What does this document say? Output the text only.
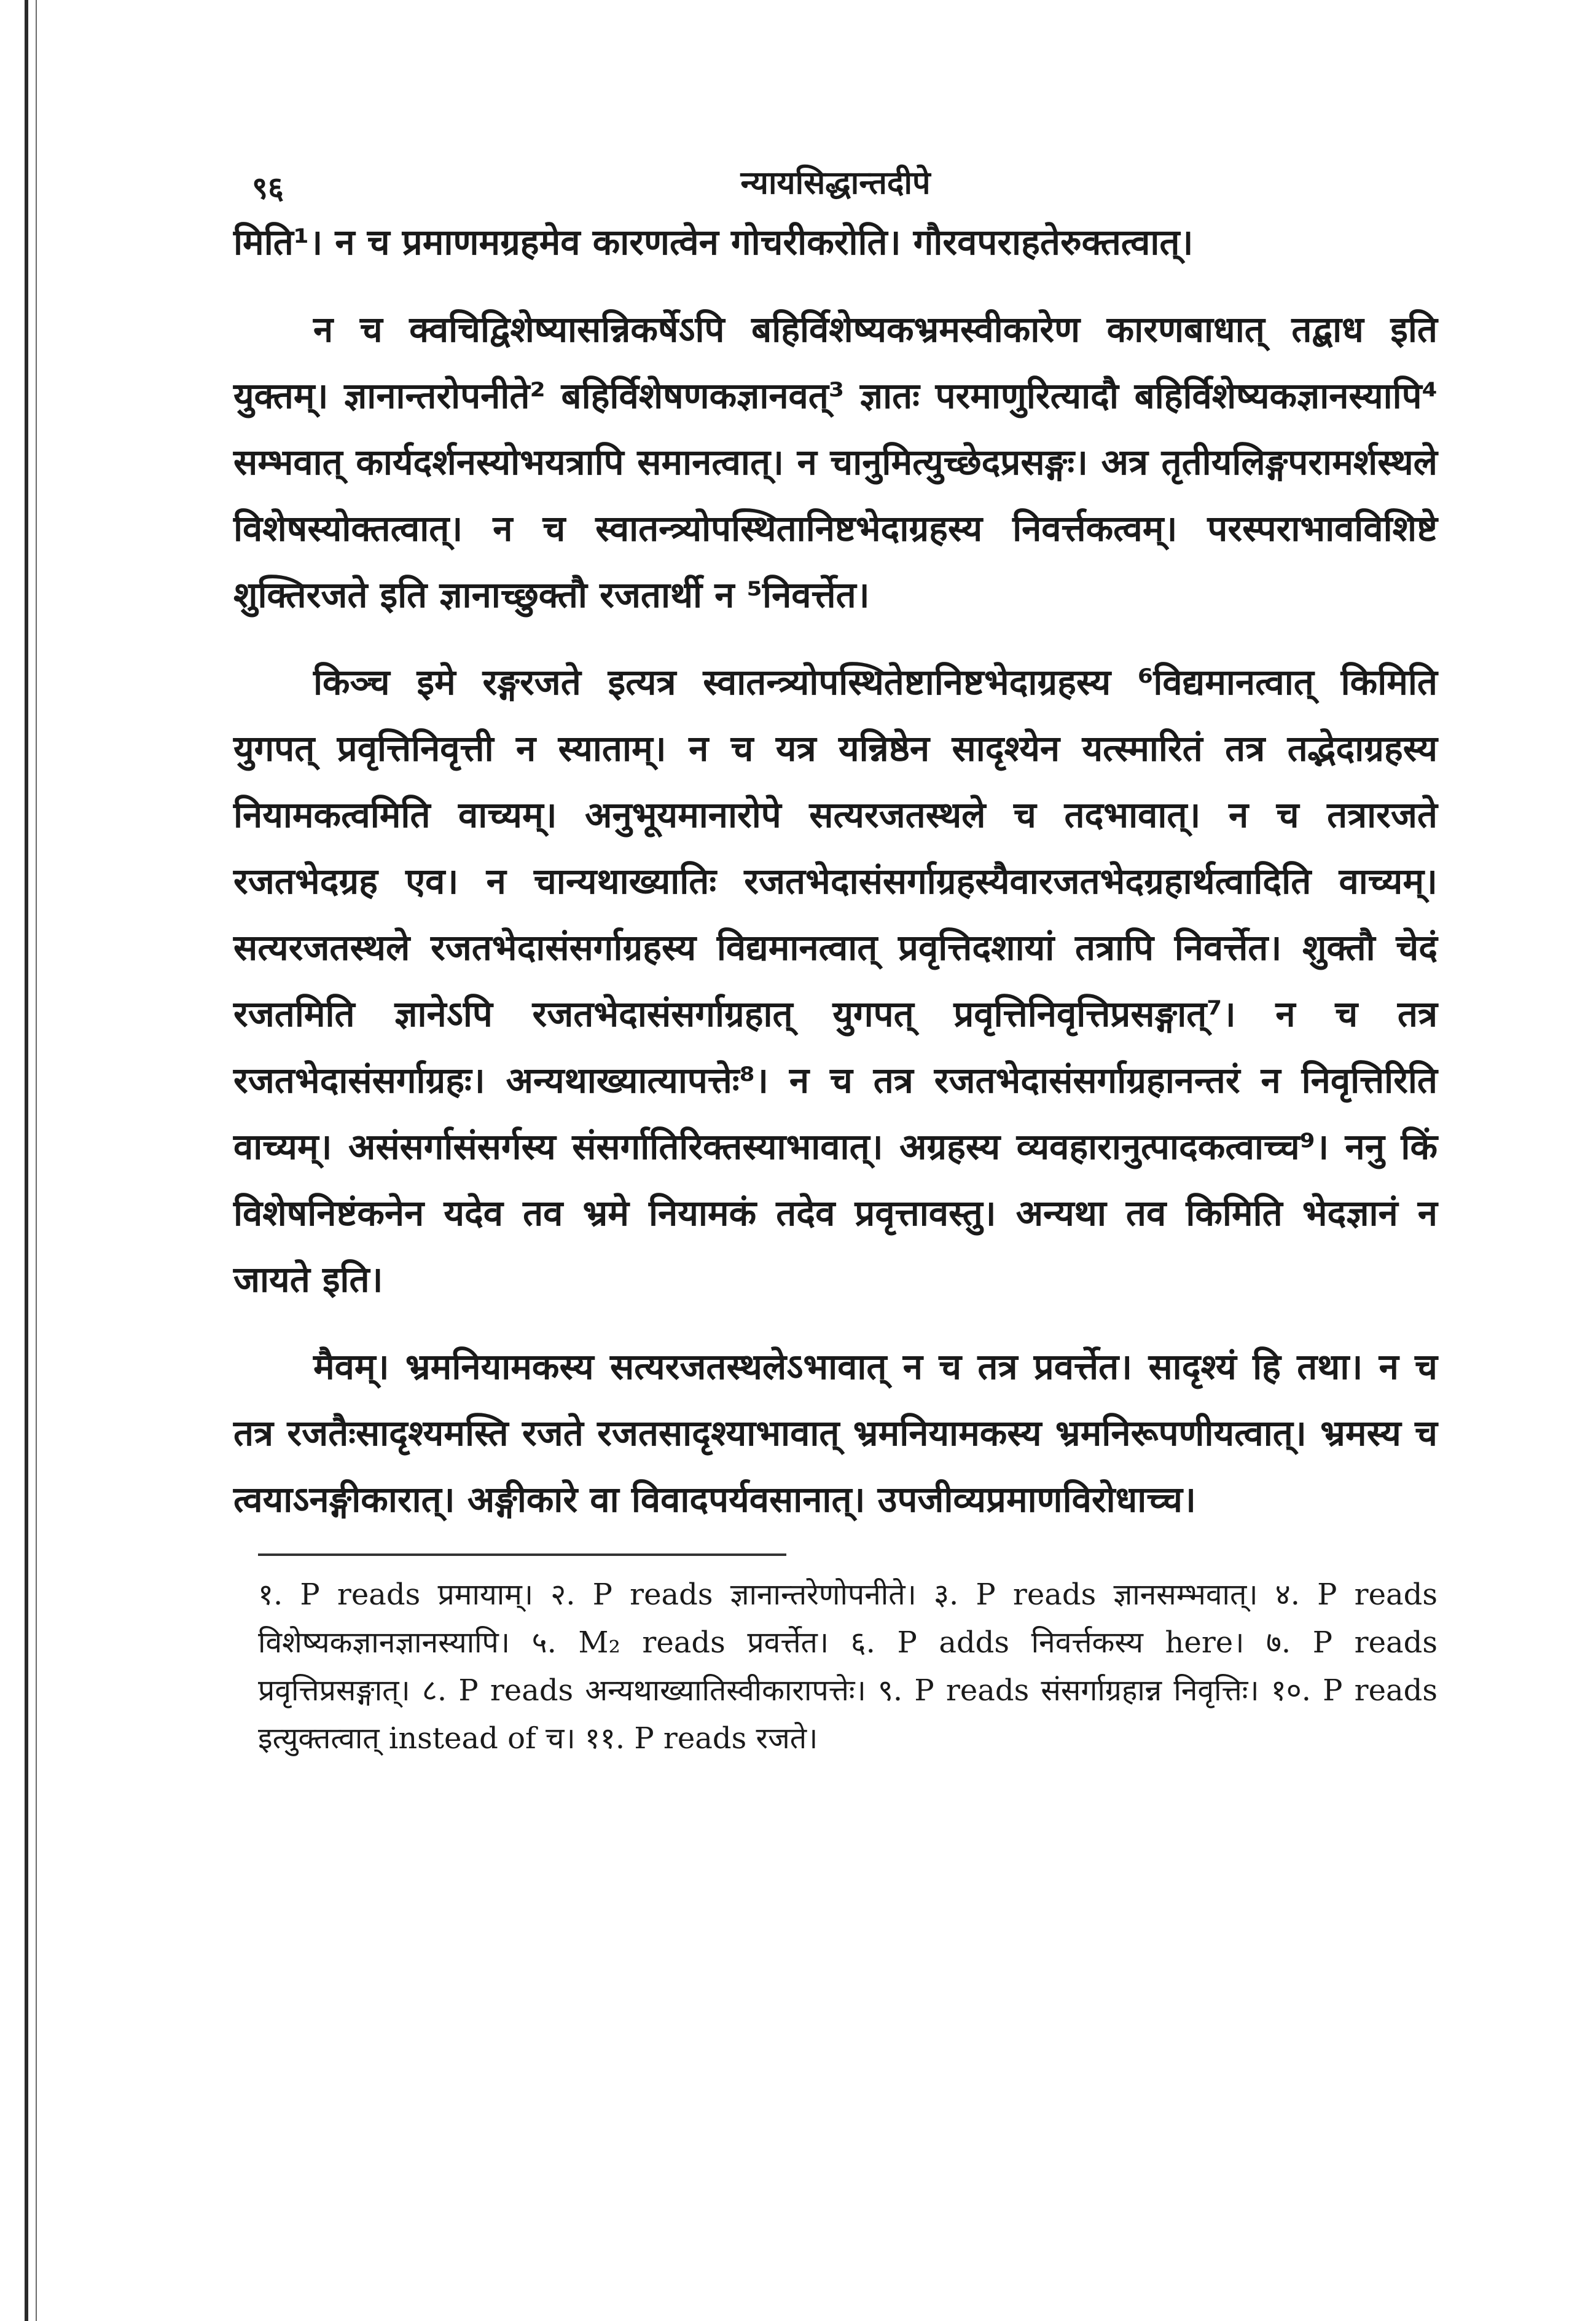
९६	न्यायसिद्धान्तदीपे

मिति¹। न च प्रमाणमग्रहमेव कारणत्वेन गोचरीकरोति। गौरवपराहतेरुक्तत्वात्।

न च क्वचिद्विशेष्यासन्निकर्षेऽपि बहिर्विशेष्यकभ्रमस्वीकारेण कारणबाधात् तद्बाध इति युक्तम्। ज्ञानान्तरोपनीते² बहिर्विशेषणकज्ञानवत्³ ज्ञातः परमाणुरित्यादौ बहिर्विशेष्यकज्ञानस्यापि⁴ सम्भवात् कार्यदर्शनस्योभयत्रापि समानत्वात्। न चानुमित्युच्छेदप्रसङ्गः। अत्र तृतीयलिङ्गपरामर्शस्थले विशेषस्योक्तत्वात्। न च स्वातन्त्र्योपस्थितानिष्टभेदाग्रहस्य निवर्त्तकत्वम्। परस्पराभावविशिष्टे शुक्तिरजते इति ज्ञानाच्छुक्तौ रजतार्थी न ⁵निवर्त्तेत।

किञ्च इमे रङ्गरजते इत्यत्र स्वातन्त्र्योपस्थितेष्टानिष्टभेदाग्रहस्य ⁶विद्यमानत्वात् किमिति युगपत् प्रवृत्तिनिवृत्ती न स्याताम्। न च यत्र यन्निष्ठेन सादृश्येन यत्स्मारितं तत्र तद्भेदाग्रहस्य नियामकत्वमिति वाच्यम्। अनुभूयमानारोपे सत्यरजतस्थले च तदभावात्। न च तत्रारजते रजतभेदग्रह एव। न चान्यथाख्यातिः रजतभेदासंसर्गाग्रहस्यैवारजतभेदग्रहार्थत्वादिति वाच्यम्। सत्यरजतस्थले रजतभेदासंसर्गाग्रहस्य विद्यमानत्वात् प्रवृत्तिदशायां तत्रापि निवर्त्तेत। शुक्तौ चेदं रजतमिति ज्ञानेऽपि रजतभेदासंसर्गाग्रहात् युगपत् प्रवृत्तिनिवृत्तिप्रसङ्गात्⁷। न च तत्र रजतभेदासंसर्गाग्रहः। अन्यथाख्यात्यापत्तेः⁸। न च तत्र रजतभेदासंसर्गाग्रहानन्तरं न निवृत्तिरिति वाच्यम्। असंसर्गासंसर्गस्य संसर्गातिरिक्तस्याभावात्। अग्रहस्य व्यवहारानुत्पादकत्वाच्च⁹। ननु किं विशेषनिष्टंकनेन यदेव तव भ्रमे नियामकं तदेव प्रवृत्तावस्तु। अन्यथा तव किमिति भेदज्ञानं न जायते इति।

मैवम्। भ्रमनियामकस्य सत्यरजतस्थलेऽभावात् न च तत्र प्रवर्त्तेत। सादृश्यं हि तथा। न च तत्र रजतैःसादृश्यमस्ति रजते रजतसादृश्याभावात् भ्रमनियामकस्य भ्रमनिरूपणीयत्वात्। भ्रमस्य च त्वयाऽनङ्गीकारात्। अङ्गीकारे वा विवादपर्यवसानात्। उपजीव्यप्रमाणविरोधाच्च।

१. P reads प्रमायाम्। २. P reads ज्ञानान्तरेणोपनीते। ३. P reads ज्ञानसम्भवात्। ४. P reads विशेष्यकज्ञानज्ञानस्यापि। ५. M₂ reads प्रवर्त्तेत। ६. P adds निवर्त्तकस्य here। ७. P reads प्रवृत्तिप्रसङ्गात्। ८. P reads अन्यथाख्यातिस्वीकारापत्तेः। ९. P reads संसर्गाग्रहान्न निवृत्तिः। १०. P reads इत्युक्तत्वात् instead of च। ११. P reads रजते।
